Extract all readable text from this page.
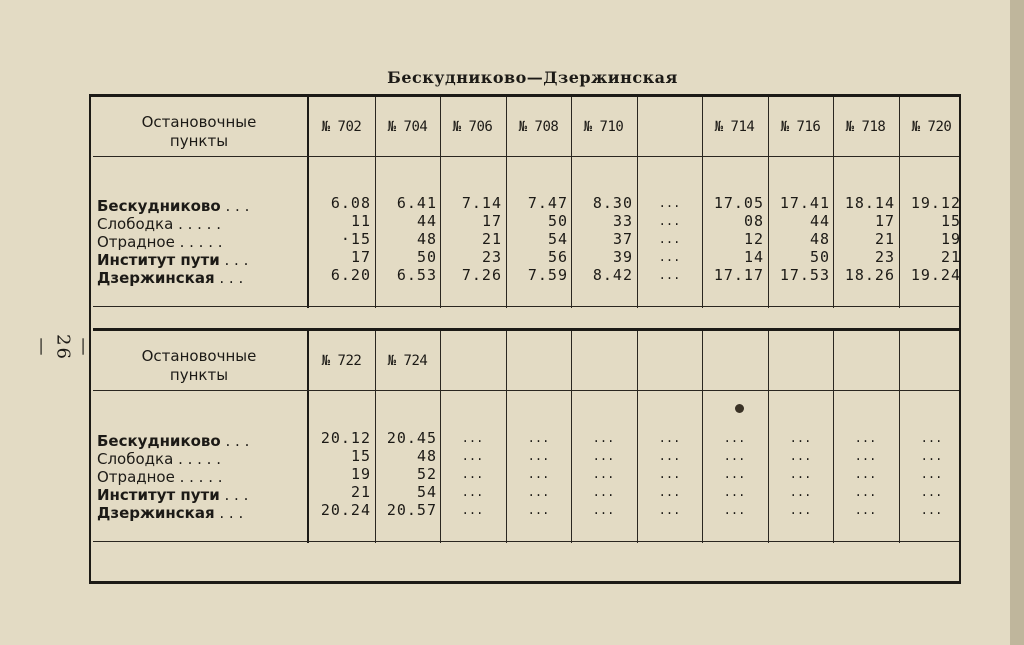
Бескудниково—Дзержинская
— 26 —
Остановочные
пункты
Бескудниково . . .
Слободка . . . . .
Отрадное . . . . .
Институт пути . . .
Дзержинская . . .
№ 702
6.08
11
·15
17
6.20
№ 704
6.41
44
48
50
6.53
№ 706
7.14
17
21
23
7.26
№ 708
7.47
50
54
56
7.59
№ 710
8.30
33
37
39
8.42
...
...
...
...
...
№ 714
17.05
08
12
14
17.17
№ 716
17.41
44
48
50
17.53
№ 718
18.14
17
21
23
18.26
№ 720
19.12
15
19
21
19.24
Остановочные
пункты
Бескудниково . . .
Слободка . . . . .
Отрадное . . . . .
Институт пути . . .
Дзержинская . . .
№ 722
20.12
15
19
21
20.24
№ 724
20.45
48
52
54
20.57
...
...
...
...
...
...
...
...
...
...
...
...
...
...
...
...
...
...
...
...
...
...
...
...
...
...
...
...
...
...
...
...
...
...
...
...
...
...
...
...
